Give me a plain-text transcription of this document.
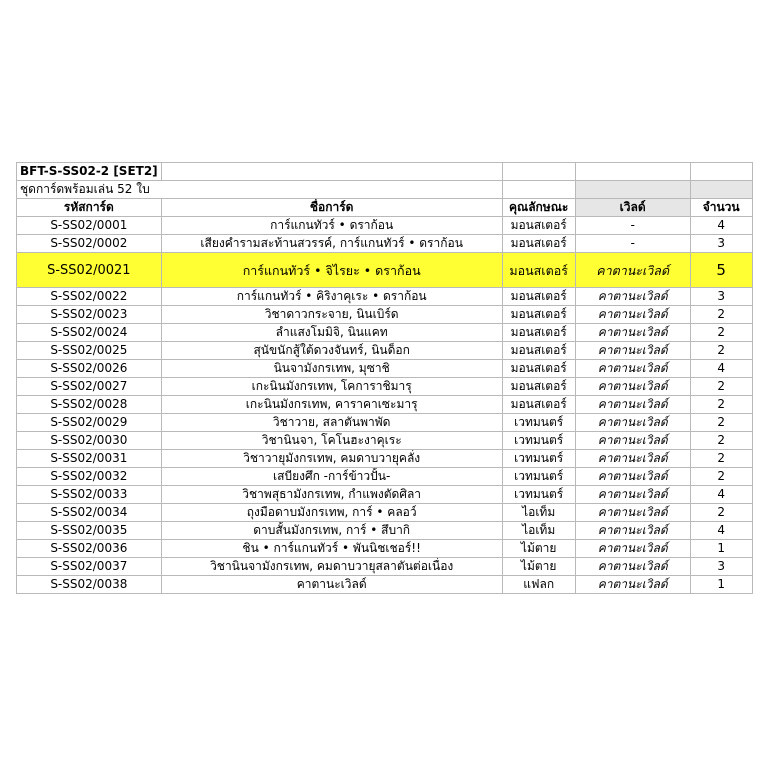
BFT-S-SS02-2 [SET2]				
ชุดการ์ดพร้อมเล่น 52 ใบ				
รหัสการ์ด	ชื่อการ์ด	คุณลักษณะ	เวิลด์	จำนวน
S-SS02/0001	การ์แกนทัวร์ • ดราก้อน	มอนสเตอร์	-	4
S-SS02/0002	เสียงคำรามสะท้านสวรรค์, การ์แกนทัวร์ • ดราก้อน	มอนสเตอร์	-	3
S-SS02/0021	การ์แกนทัวร์ • จิไรยะ • ดราก้อน	มอนสเตอร์	คาตานะเวิลด์	5
S-SS02/0022	การ์แกนทัวร์ • คิริงาคุเระ • ดราก้อน	มอนสเตอร์	คาตานะเวิลด์	3
S-SS02/0023	วิชาดาวกระจาย, นินเบิร์ด	มอนสเตอร์	คาตานะเวิลด์	2
S-SS02/0024	ลำแสงโมมิจิ, นินแคท	มอนสเตอร์	คาตานะเวิลด์	2
S-SS02/0025	สุนัขนักสู้ใต้ดวงจันทร์, นินด็อก	มอนสเตอร์	คาตานะเวิลด์	2
S-SS02/0026	นินจามังกรเทพ, มุซาชิ	มอนสเตอร์	คาตานะเวิลด์	4
S-SS02/0027	เกะนินมังกรเทพ, โคการาชิมารุ	มอนสเตอร์	คาตานะเวิลด์	2
S-SS02/0028	เกะนินมังกรเทพ, คาราคาเซะมารุ	มอนสเตอร์	คาตานะเวิลด์	2
S-SS02/0029	วิชาวาย, สลาตันพาพัด	เวทมนตร์	คาตานะเวิลด์	2
S-SS02/0030	วิชานินจา, โคโนฮะงาคุเระ	เวทมนตร์	คาตานะเวิลด์	2
S-SS02/0031	วิชาวายุมังกรเทพ, คมดาบวายุคลั่ง	เวทมนตร์	คาตานะเวิลด์	2
S-SS02/0032	เสบียงศึก -การ์ข้าวปั้น-	เวทมนตร์	คาตานะเวิลด์	2
S-SS02/0033	วิชาพสุธามังกรเทพ, กำแพงตัดศิลา	เวทมนตร์	คาตานะเวิลด์	4
S-SS02/0034	ถุงมือดาบมังกรเทพ, การ์ • คลอว์	ไอเท็ม	คาตานะเวิลด์	2
S-SS02/0035	ดาบสั้นมังกรเทพ, การ์ • สึบากิ	ไอเท็ม	คาตานะเวิลด์	4
S-SS02/0036	ชิน • การ์แกนทัวร์ • พันนิชเชอร์!!	ไม้ตาย	คาตานะเวิลด์	1
S-SS02/0037	วิชานินจามังกรเทพ, คมดาบวายุสลาตันต่อเนื่อง	ไม้ตาย	คาตานะเวิลด์	3
S-SS02/0038	คาตานะเวิลด์	แฟลก	คาตานะเวิลด์	1
